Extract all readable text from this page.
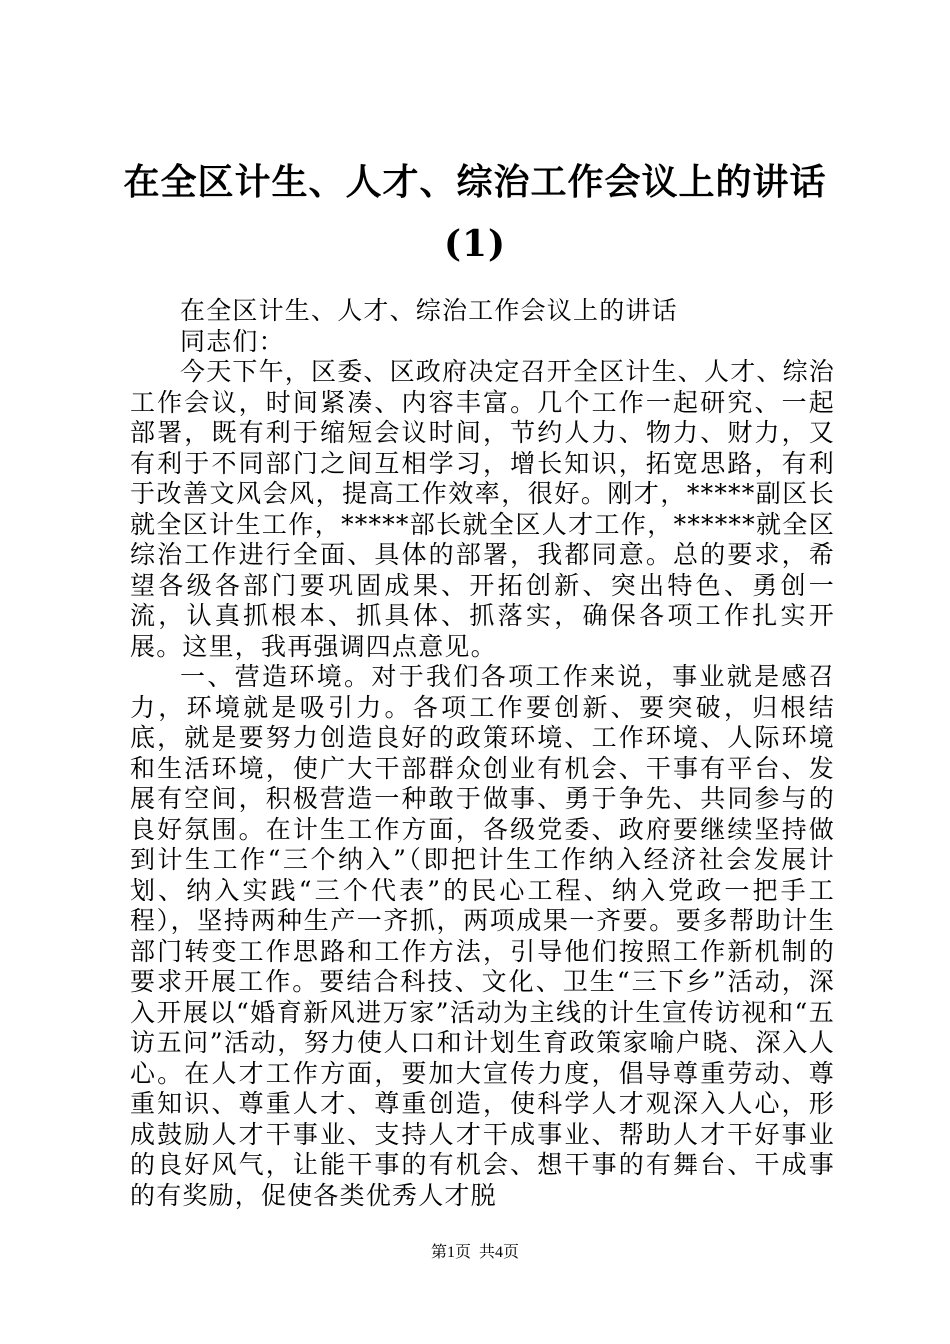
在全区计生、人才、综治工作会议上的讲话
(1)

在全区计生、人才、综治工作会议上的讲话

同志们：

今天下午，区委、区政府决定召开全区计生、人才、综治工作会议，时间紧凑、内容丰富。几个工作一起研究、一起部署，既有利于缩短会议时间，节约人力、物力、财力，又有利于不同部门之间互相学习，增长知识，拓宽思路，有利于改善文风会风，提高工作效率，很好。刚才，*****副区长就全区计生工作，*****部长就全区人才工作，******就全区综治工作进行全面、具体的部署，我都同意。总的要求，希望各级各部门要巩固成果、开拓创新、突出特色、勇创一流，认真抓根本、抓具体、抓落实，确保各项工作扎实开展。这里，我再强调四点意见。

一、营造环境。对于我们各项工作来说，事业就是感召力，环境就是吸引力。各项工作要创新、要突破，归根结底，就是要努力创造良好的政策环境、工作环境、人际环境和生活环境，使广大干部群众创业有机会、干事有平台、发展有空间，积极营造一种敢于做事、勇于争先、共同参与的良好氛围。在计生工作方面，各级党委、政府要继续坚持做到计生工作“三个纳入”（即把计生工作纳入经济社会发展计划、纳入实践“三个代表”的民心工程、纳入党政一把手工程），坚持两种生产一齐抓，两项成果一齐要。要多帮助计生部门转变工作思路和工作方法，引导他们按照工作新机制的要求开展工作。要结合科技、文化、卫生“三下乡”活动，深入开展以“婚育新风进万家”活动为主线的计生宣传访视和“五访五问”活动，努力使人口和计划生育政策家喻户晓、深入人心。在人才工作方面，要加大宣传力度，倡导尊重劳动、尊重知识、尊重人才、尊重创造，使科学人才观深入人心，形成鼓励人才干事业、支持人才干成事业、帮助人才干好事业的良好风气，让能干事的有机会、想干事的有舞台、干成事的有奖励，促使各类优秀人才脱

第1页 共4页
